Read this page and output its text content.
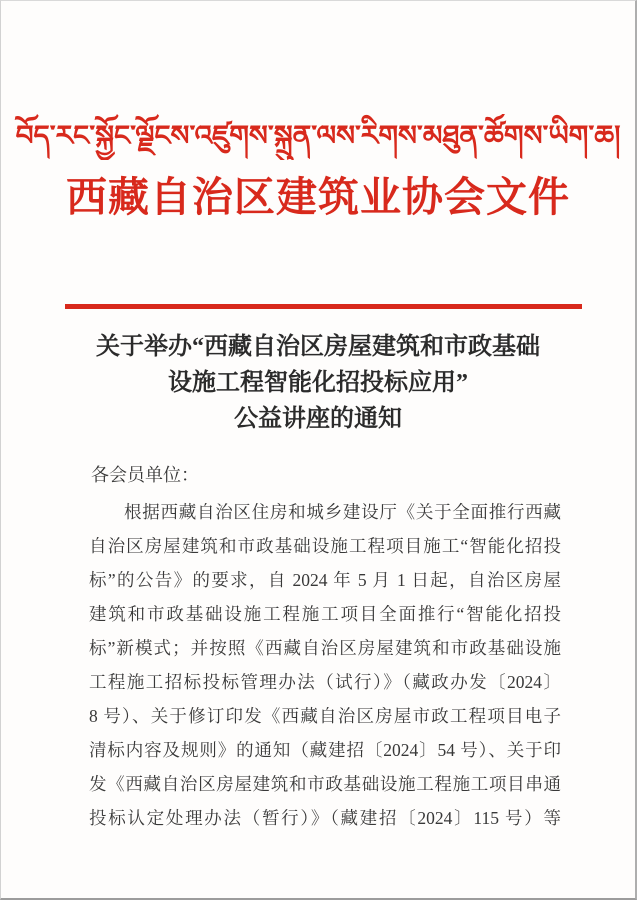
བོད་རང་སྐྱོང་ལྗོངས་འཛུགས་སྐྲུན་ལས་རིགས་མཐུན་ཚོགས་ཡིག་ཆ།
西藏自治区建筑业协会文件
关于举办“西藏自治区房屋建筑和市政基础
设施工程智能化招投标应用”
公益讲座的通知
各会员单位：
根据西藏自治区住房和城乡建设厅《关于全面推行西藏
自治区房屋建筑和市政基础设施工程项目施工“智能化招投
标”的公告》的要求，自 2024 年 5 月 1 日起，自治区房屋
建筑和市政基础设施工程施工项目全面推行“智能化招投
标”新模式；并按照《西藏自治区房屋建筑和市政基础设施
工程施工招标投标管理办法（试行）》（藏政办发〔2024〕
8 号）、关于修订印发《西藏自治区房屋市政工程项目电子
清标内容及规则》的通知（藏建招〔2024〕54 号）、关于印
发《西藏自治区房屋建筑和市政基础设施工程施工项目串通
投标认定处理办法（暂行）》（藏建招〔2024〕115 号）等
